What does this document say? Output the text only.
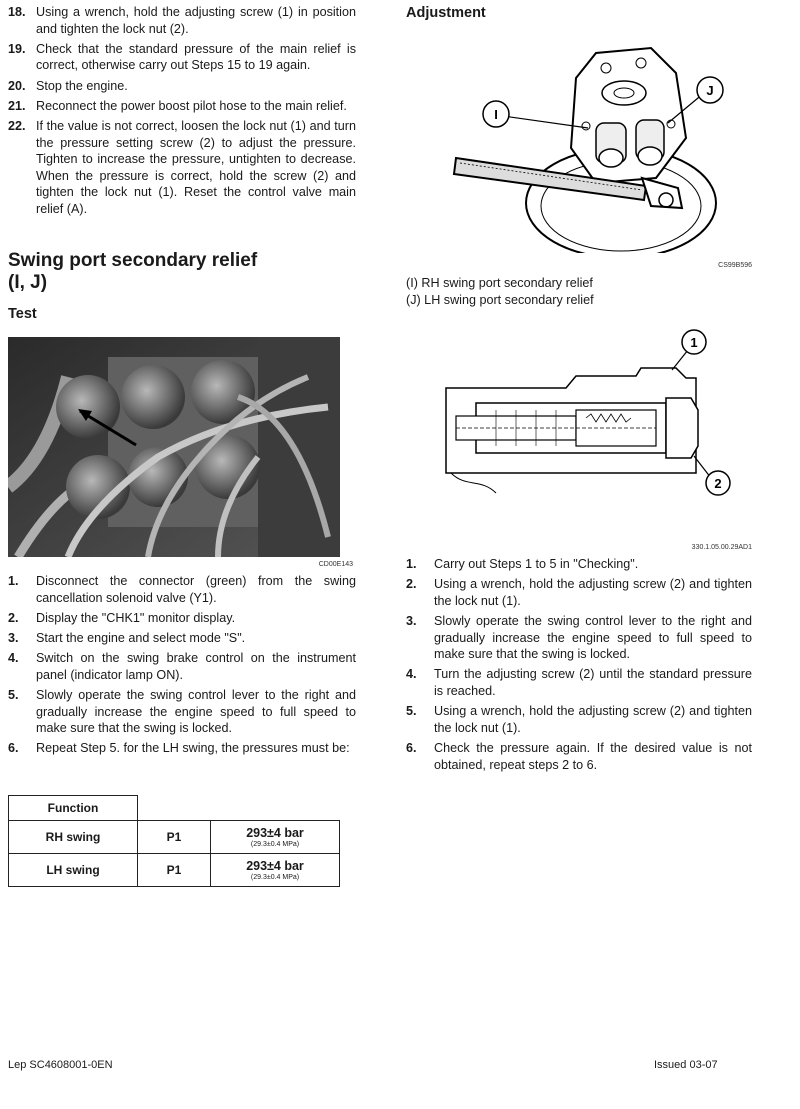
18. Using a wrench, hold the adjusting screw (1) in position and tighten the lock nut (2).
19. Check that the standard pressure of the main relief is correct, otherwise carry out Steps 15 to 19 again.
20. Stop the engine.
21. Reconnect the power boost pilot hose to the main relief.
22. If the value is not correct, loosen the lock nut (1) and turn the pressure setting screw (2) to adjust the pressure. Tighten to increase the pressure, untighten to decrease. When the pressure is correct, hold the screw (2) and tighten the lock nut (1). Reset the control valve main relief (A).
Swing port secondary relief
(I, J)
Test
CD00E143
1.	Disconnect the connector (green) from the swing cancellation solenoid valve (Y1).
2.	Display the "CHK1" monitor display.
3.	Start the engine and select mode "S".
4.	Switch on the swing brake control on the instrument panel (indicator lamp ON).
5.	Slowly operate the swing control lever to the right and gradually increase the engine speed to full speed to make sure that the swing is locked.
6.	Repeat Step 5. for the LH swing, the pressures must be:
Function		
RH swing	P1	293±4 bar
(29.3±0.4 MPa)

LH swing	P1	293±4 bar
(29.3±0.4 MPa)
Adjustment
I
J
CS99B596
(I) RH swing port secondary relief
(J) LH swing port secondary relief
1
2
330.1.05.00.29AD1
1.	Carry out Steps 1 to 5 in "Checking".
2.	Using a wrench, hold the adjusting screw (2) and tighten the lock nut (1).
3.	Slowly operate the swing control lever to the right and gradually increase the engine speed to full speed to make sure that the swing is locked.
4.	Turn the adjusting screw (2) until the standard pressure is reached.
5.	Using a wrench, hold the adjusting screw (2) and tighten the lock nut (1).
6.	Check the pressure again. If the desired value is not obtained, repeat steps 2 to 6.
Lep SC4608001-0EN	Issued 03-07
